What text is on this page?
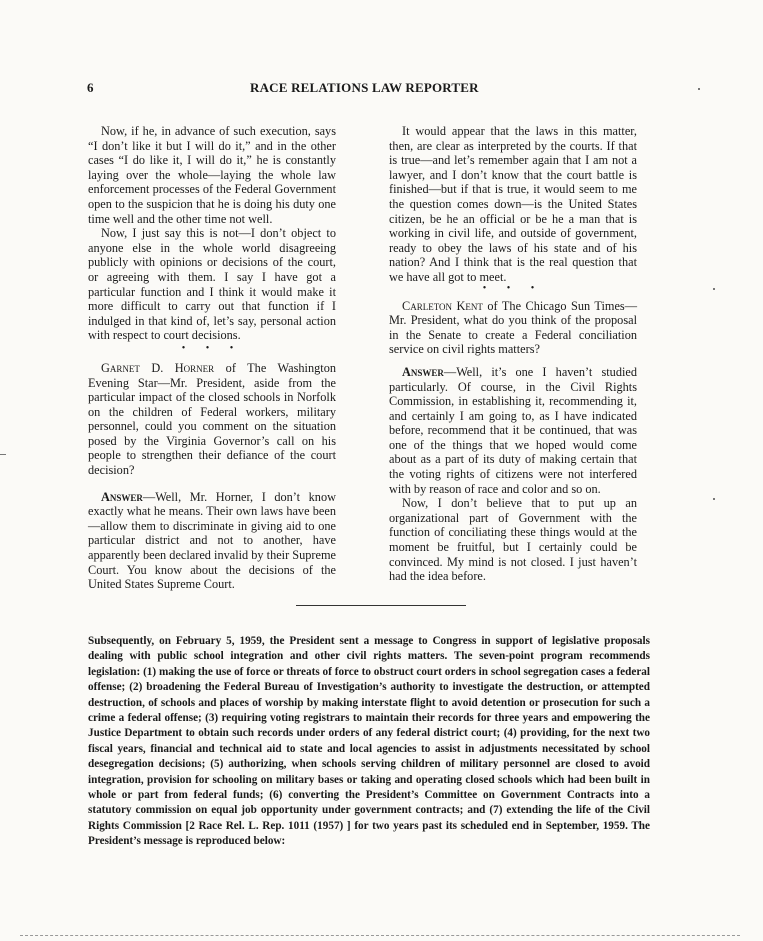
6	RACE RELATIONS LAW REPORTER

Now, if he, in advance of such execution, says “I don’t like it but I will do it,” and in the other cases “I do like it, I will do it,” he is constantly laying over the whole—laying the whole law enforcement processes of the Federal Government open to the suspicion that he is doing his duty one time well and the other time not well.

Now, I just say this is not—I don’t object to anyone else in the whole world disagreeing publicly with opinions or decisions of the court, or agreeing with them. I say I have got a particular function and I think it would make it more difficult to carry out that function if I indulged in that kind of, let’s say, personal action with respect to court decisions.

• • •

Garnet D. Horner of The Washington Evening Star—Mr. President, aside from the particular impact of the closed schools in Norfolk on the children of Federal workers, military personnel, could you comment on the situation posed by the Virginia Governor’s call on his people to strengthen their defiance of the court decision?

Answer—Well, Mr. Horner, I don’t know exactly what he means. Their own laws have been—allow them to discriminate in giving aid to one particular district and not to another, have apparently been declared invalid by their Supreme Court. You know about the decisions of the United States Supreme Court.

It would appear that the laws in this matter, then, are clear as interpreted by the courts. If that is true—and let’s remember again that I am not a lawyer, and I don’t know that the court battle is finished—but if that is true, it would seem to me the question comes down—is the United States citizen, be he an official or be he a man that is working in civil life, and outside of government, ready to obey the laws of his state and of his nation? And I think that is the real question that we have all got to meet.

• • •

Carleton Kent of The Chicago Sun Times—Mr. President, what do you think of the proposal in the Senate to create a Federal conciliation service on civil rights matters?

Answer—Well, it’s one I haven’t studied particularly. Of course, in the Civil Rights Commission, in establishing it, recommending it, and certainly I am going to, as I have indicated before, recommend that it be continued, that was one of the things that we hoped would come about as a part of its duty of making certain that the voting rights of citizens were not interfered with by reason of race and color and so on.

Now, I don’t believe that to put up an organizational part of Government with the function of conciliating these things would at the moment be fruitful, but I certainly could be convinced. My mind is not closed. I just haven’t had the idea before.

Subsequently, on February 5, 1959, the President sent a message to Congress in support of legislative proposals dealing with public school integration and other civil rights matters. The seven-point program recommends legislation: (1) making the use of force or threats of force to obstruct court orders in school segregation cases a federal offense; (2) broadening the Federal Bureau of Investigation’s authority to investigate the destruction, or attempted destruction, of schools and places of worship by making interstate flight to avoid detention or prosecution for such a crime a federal offense; (3) requiring voting registrars to maintain their records for three years and empowering the Justice Department to obtain such records under orders of any federal district court; (4) providing, for the next two fiscal years, financial and technical aid to state and local agencies to assist in adjustments necessitated by school desegregation decisions; (5) authorizing, when schools serving children of military personnel are closed to avoid integration, provision for schooling on military bases or taking and operating closed schools which had been built in whole or part from federal funds; (6) converting the President’s Committee on Government Contracts into a statutory commission on equal job opportunity under government contracts; and (7) extending the life of the Civil Rights Commission [2 Race Rel. L. Rep. 1011 (1957) ] for two years past its scheduled end in September, 1959. The President’s message is reproduced below:
